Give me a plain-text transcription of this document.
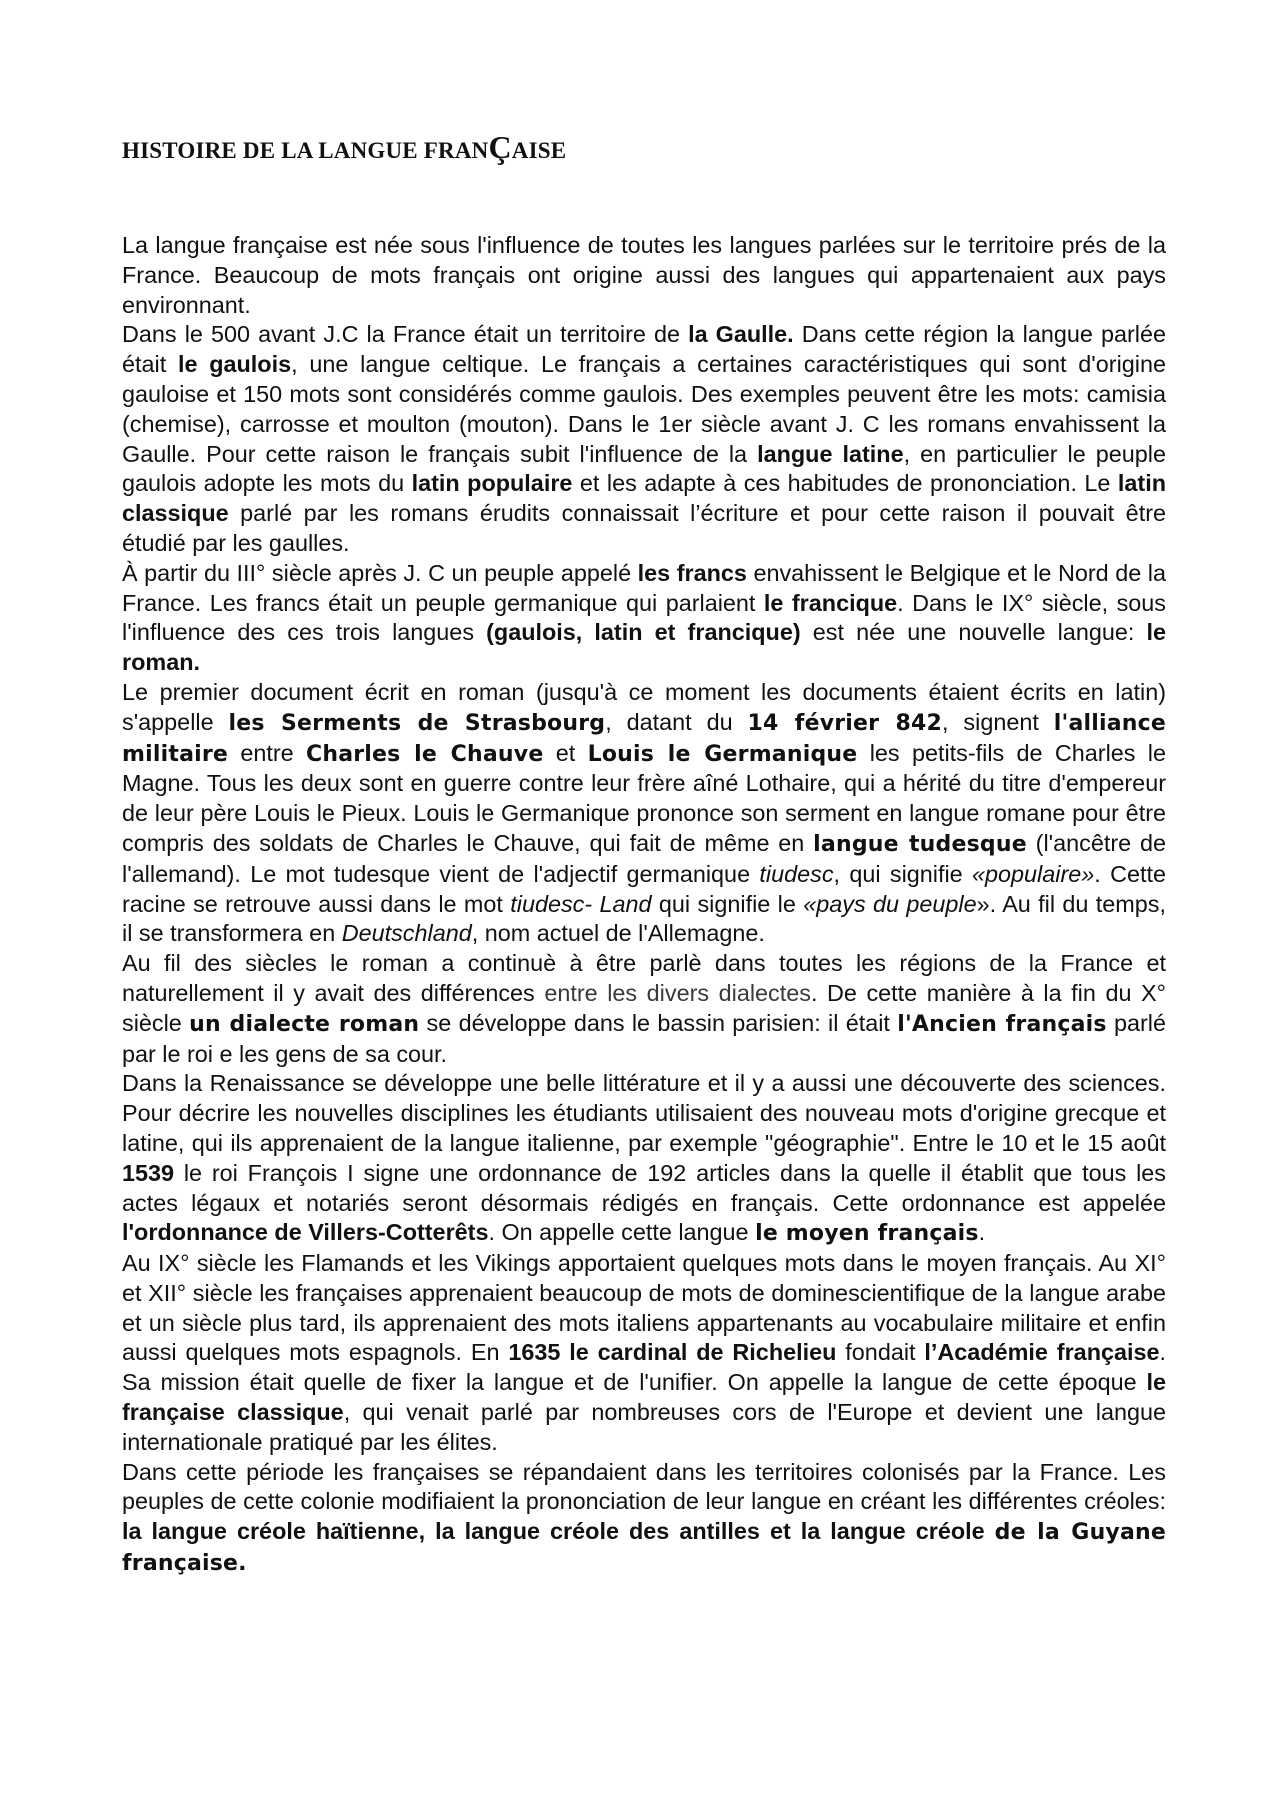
HISTOIRE DE LA LANGUE FRANÇAISE

La langue française est née sous l'influence de toutes les langues parlées sur le territoire prés de la France. Beaucoup de mots français ont origine aussi des langues qui appartenaient aux pays environnant.

Dans le 500 avant J.C la France était un territoire de la Gaulle. Dans cette région la langue parlée était le gaulois, une langue celtique. Le français a certaines caractéristiques qui sont d'origine gauloise et 150 mots sont considérés comme gaulois. Des exemples peuvent être les mots: camisia (chemise), carrosse et moulton (mouton). Dans le 1er siècle avant J. C les romans envahissent la Gaulle. Pour cette raison le français subit l'influence de la langue latine, en particulier le peuple gaulois adopte les mots du latin populaire et les adapte à ces habitudes de prononciation. Le latin classique parlé par les romans érudits connaissait l’écriture et pour cette raison il pouvait être étudié par les gaulles.

À partir du III° siècle après J. C un peuple appelé les francs envahissent le Belgique et le Nord de la France. Les francs était un peuple germanique qui parlaient le francique. Dans le IX° siècle, sous l'influence des ces trois langues (gaulois, latin et francique) est née une nouvelle langue: le roman.

Le premier document écrit en roman (jusqu'à ce moment les documents étaient écrits en latin) s'appelle les Serments de Strasbourg, datant du 14 février 842, signent l'alliance militaire entre Charles le Chauve et Louis le Germanique les petits-fils de Charles le Magne. Tous les deux sont en guerre contre leur frère aîné Lothaire, qui a hérité du titre d'empereur de leur père Louis le Pieux. Louis le Germanique prononce son serment en langue romane pour être compris des soldats de Charles le Chauve, qui fait de même en langue tudesque (l'ancêtre de l'allemand). Le mot tudesque vient de l'adjectif germanique tiudesc, qui signifie «populaire». Cette racine se retrouve aussi dans le mot tiudesc- Land qui signifie le «pays du peuple». Au fil du temps, il se transformera en Deutschland, nom actuel de l'Allemagne.

Au fil des siècles le roman a continuè à être parlè dans toutes les régions de la France et naturellement il y avait des différences entre les divers dialectes. De cette manière à la fin du X° siècle un dialecte roman se développe dans le bassin parisien: il était l'Ancien français parlé par le roi e les gens de sa cour.

Dans la Renaissance se développe une belle littérature et il y a aussi une découverte des sciences. Pour décrire les nouvelles disciplines les étudiants utilisaient des nouveau mots d'origine grecque et latine, qui ils apprenaient de la langue italienne, par exemple "géographie". Entre le 10 et le 15 août 1539 le roi François I signe une ordonnance de 192 articles dans la quelle il établit que tous les actes légaux et notariés seront désormais rédigés en français. Cette ordonnance est appelée l'ordonnance de Villers-Cotterêts. On appelle cette langue le moyen français.

Au IX° siècle les Flamands et les Vikings apportaient quelques mots dans le moyen français. Au XI° et XII° siècle les françaises apprenaient beaucoup de mots de dominescientifique de la langue arabe et un siècle plus tard, ils apprenaient des mots italiens appartenants au vocabulaire militaire et enfin aussi quelques mots espagnols. En 1635 le cardinal de Richelieu fondait l’Académie française. Sa mission était quelle de fixer la langue et de l'unifier. On appelle la langue de cette époque le française classique, qui venait parlé par nombreuses cors de l'Europe et devient une langue internationale pratiqué par les élites.

Dans cette période les françaises se répandaient dans les territoires colonisés par la France. Les peuples de cette colonie modifiaient la prononciation de leur langue en créant les différentes créoles: la langue créole haïtienne, la langue créole des antilles et la langue créole de la Guyane française.
